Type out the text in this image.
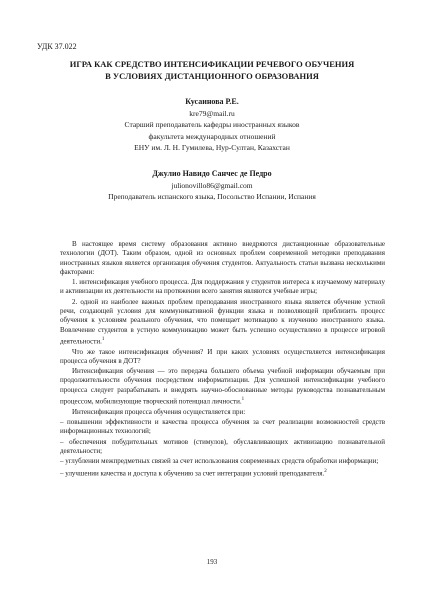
УДК 37.022
ИГРА КАК СРЕДСТВО ИНТЕНСИФИКАЦИИ РЕЧЕВОГО ОБУЧЕНИЯ
В УСЛОВИЯХ ДИСТАНЦИОННОГО ОБРАЗОВАНИЯ
Кусаинова Р.Е.
kre79@mail.ru
Старший преподаватель кафедры иностранных языков
факультета международных отношений
ЕНУ им. Л. Н. Гумилева, Нур-Султан, Казахстан
Джулио Навидо Санчес де Педро
julionovillo86@gmail.com
Преподаватель испанского языка, Посольство Испании, Испания

В настоящее время систему образования активно внедряются дистанционные образовательные технологии (ДОТ). Таким образом, одной из основных проблем современной методики преподавания иностранных языков является организация обучения студентов. Актуальность статьи вызвана несколькими факторами:

1. интенсификация учебного процесса. Для поддержания у студентов интереса к изучаемому материалу и активизации их деятельности на протяжении всего занятия являются учебные игры;

2. одной из наиболее важных проблем преподавания иностранного языка является обучение устной речи, создающей условия для коммуникативной функции языка и позволяющей приблизить процесс обучения к условиям реального обучения, что помещает мотивацию к изучению иностранного языка. Вовлечение студентов в устную коммуникацию может быть успешно осуществлено в процессе игровой деятельности.$^1$

Что же такое интенсификация обучения? И при каких условиях осуществляется интенсификация процесса обучения в ДОТ?

Интенсификация обучения — это передача большего объема учебной информации обучаемым при продолжительности обучения посредством информатизации. Для успешной интенсификации учебного процесса следует разрабатывать и внедрять научно-обоснованные методы руководства познавательным процессом, мобилизующие творческий потенциал личности.$^1$

Интенсификация процесса обучения осуществляется при:

– повышении эффективности и качества процесса обучения за счет реализации возможностей средств информационных технологий;

– обеспечения побудительных мотивов (стимулов), обуславливающих активизацию познавательной деятельности;

– углублении межпредметных связей за счет использования современных средств обработки информации;

– улучшении качества и доступа к обучению за счет интеграции условий преподавателя.$^2$

193
